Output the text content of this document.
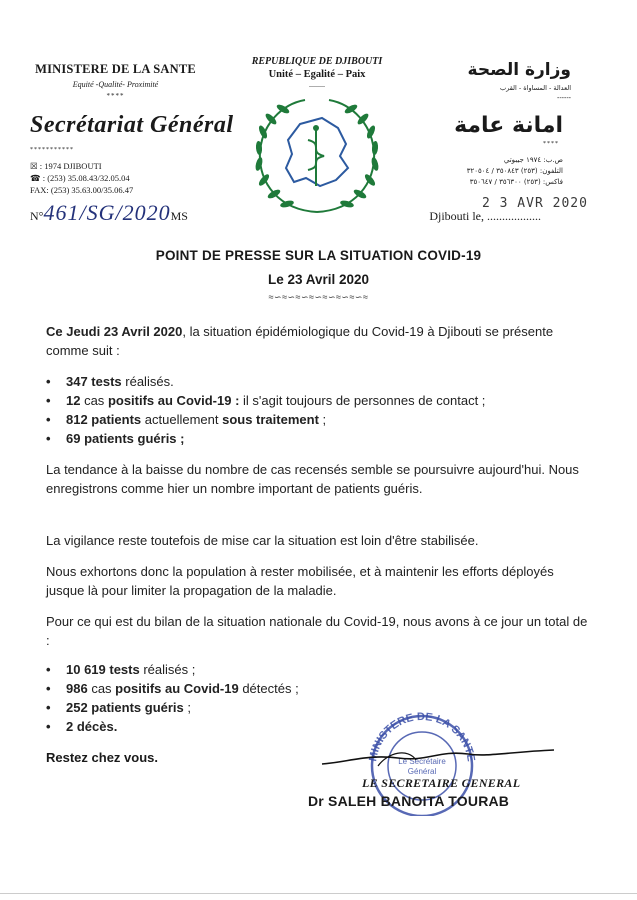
MINISTERE DE LA SANTE
Equité -Qualité- Proximité
****
Secrétariat Général
***********
☒ : 1974 DJIBOUTI
☎ : (253) 35.08.43/32.05.04
FAX: (253) 35.63.00/35.06.47
N°461/SG/2020MS
REPUBLIQUE DE DJIBOUTI
Unité – Egalité – Paix
--------
وزارة الصحة
العدالة - المساواة - القرب
------
امانة عامة
****
ص.ب: ١٩٧٤ جيبوتي
التلفون: (٢٥٣) ٣٥٠٨٤٣ / ٣٢٠٥٠٤
فاكس: (٢٥٣) ٣٥٦٣٠٠ / ٣٥٠٦٤٧
2 3 AVR 2020
Djibouti le, ..................
POINT DE PRESSE SUR LA SITUATION COVID-19
Le 23 Avril 2020
≈∽≈∽≈∽≈∽≈∽≈∽≈∽≈
Ce Jeudi 23 Avril 2020, la situation épidémiologique du Covid-19 à Djibouti se présente comme suit :
• 347 tests réalisés.
• 12 cas positifs au Covid-19 : il s'agit toujours de personnes de contact ;
• 812 patients actuellement sous traitement ;
• 69 patients guéris ;
La tendance à la baisse du nombre de cas recensés semble se poursuivre aujourd'hui. Nous enregistrons comme hier un nombre important de patients guéris.
La vigilance reste toutefois de mise car la situation est loin d'être stabilisée.
Nous exhortons donc la population à rester mobilisée, et à maintenir les efforts déployés jusque là pour limiter la propagation de la maladie.
Pour ce qui est du bilan de la situation nationale du Covid-19, nous avons à ce jour un total de :
• 10 619 tests réalisés ;
• 986 cas positifs au Covid-19 détectés ;
• 252 patients guéris ;
• 2 décès.
Restez chez vous.	MINISTERE DE LA SANTE
Le Secrétaire
Général
LE SECRETAIRE GENERAL
Dr SALEH BANOITA TOURAB
